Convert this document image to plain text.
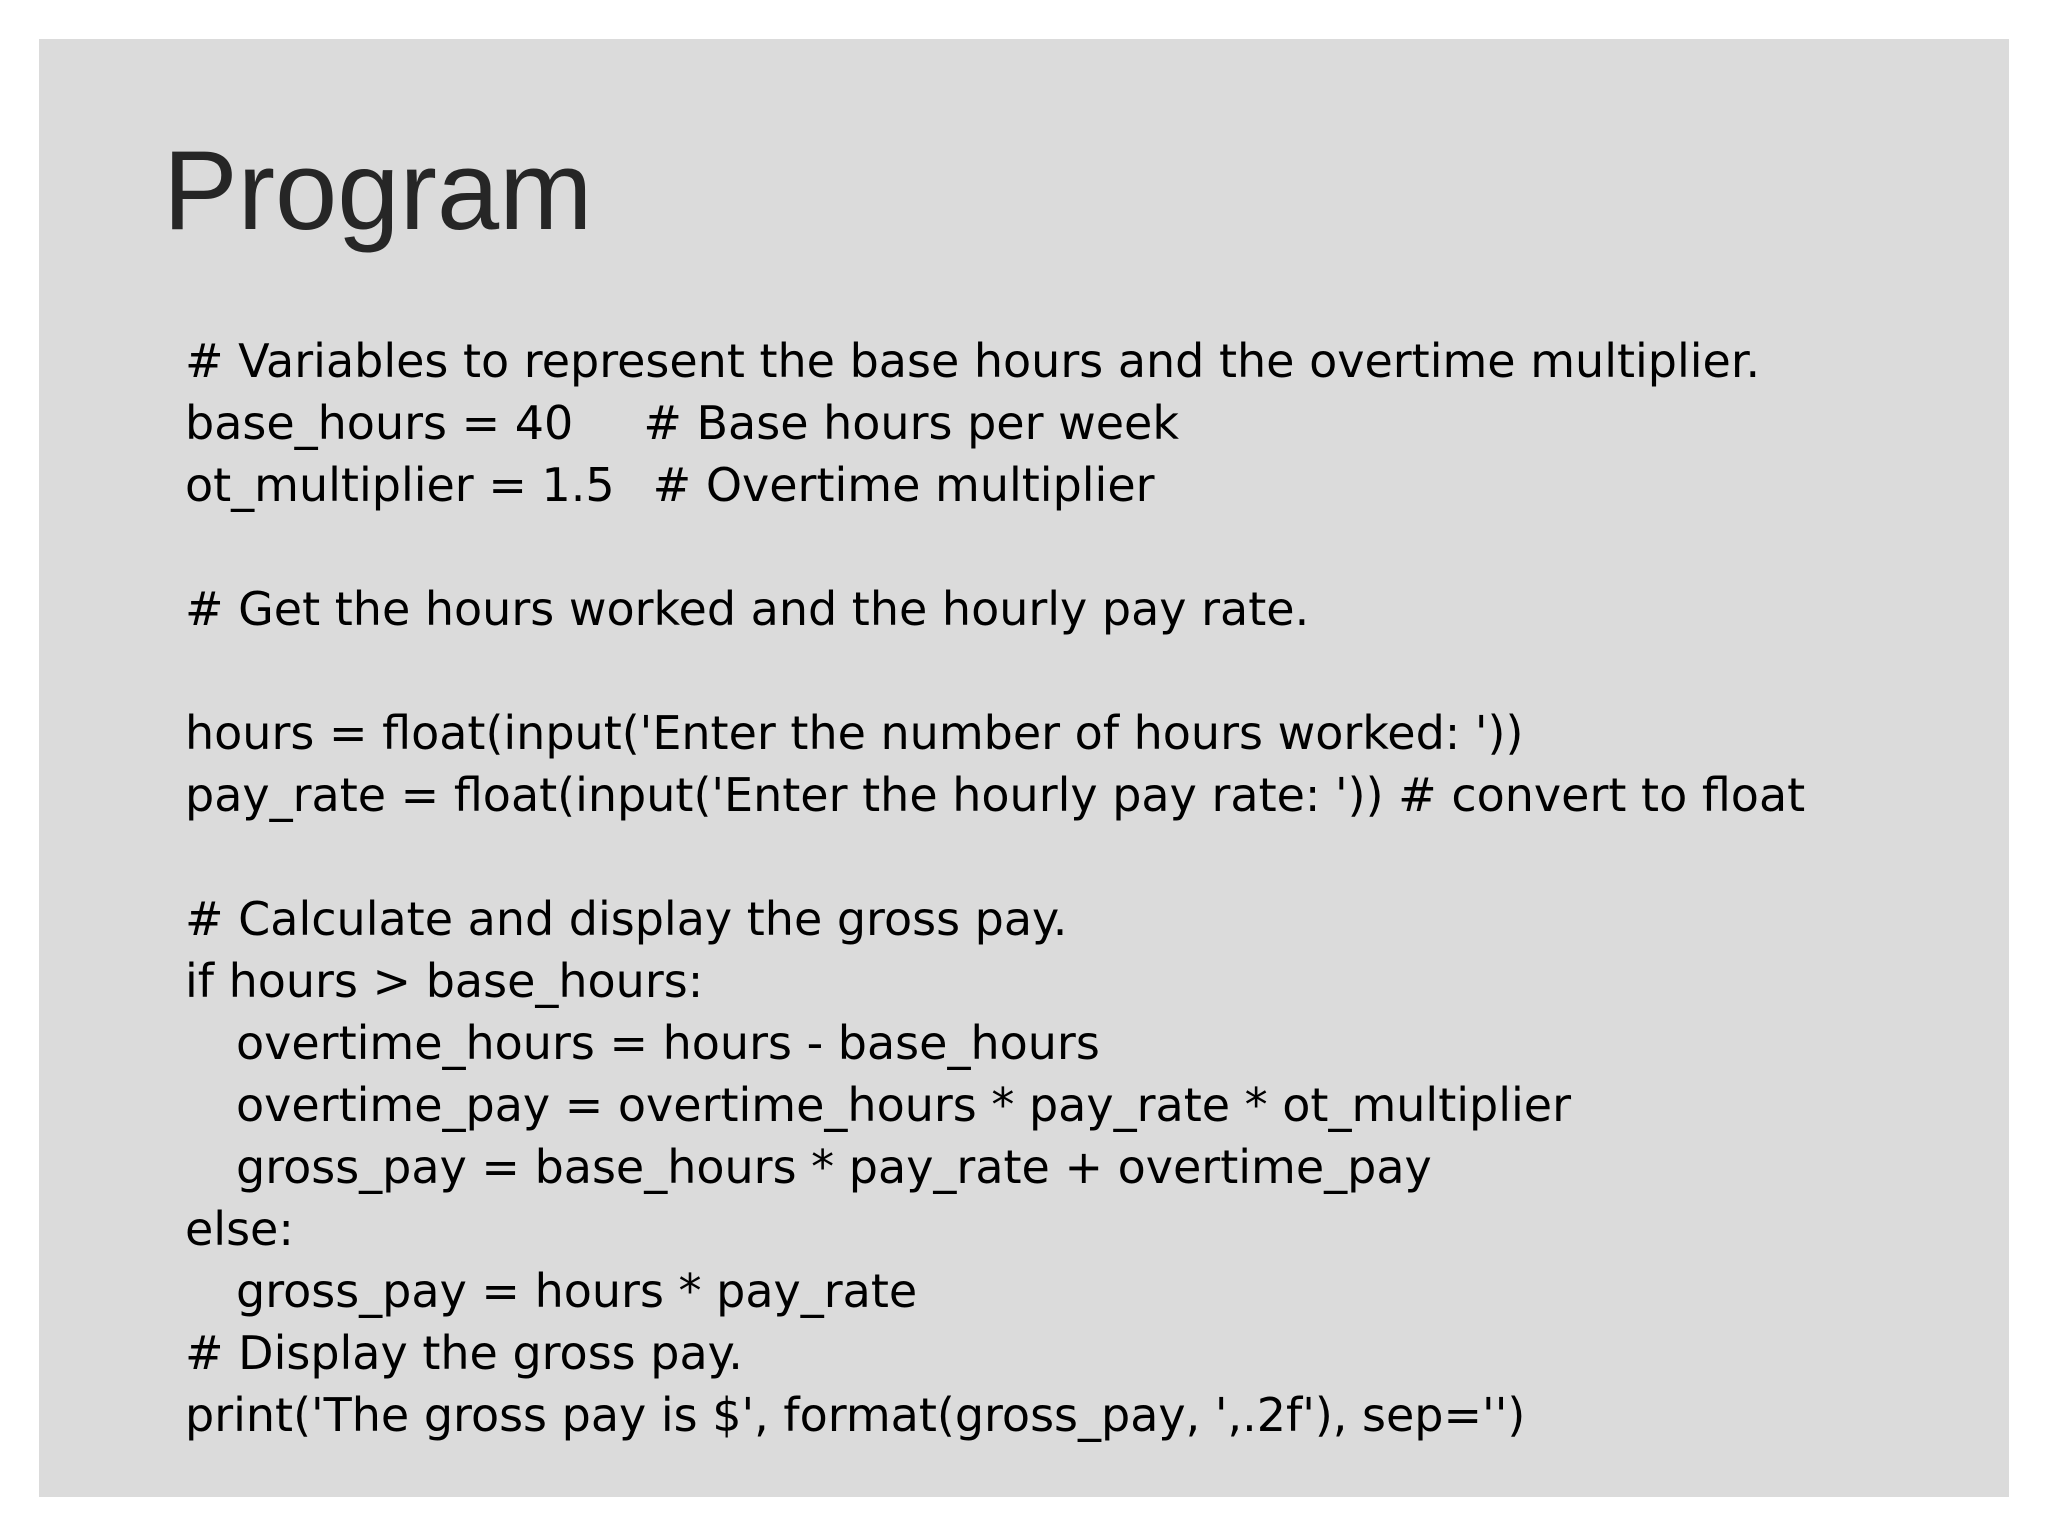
Program
# Variables to represent the base hours and the overtime multiplier.
base_hours = 40 # Base hours per week
ot_multiplier = 1.5 # Overtime multiplier
# Get the hours worked and the hourly pay rate.
hours = float(input('Enter the number of hours worked: '))
pay_rate = float(input('Enter the hourly pay rate: ')) # convert to float
# Calculate and display the gross pay.
if hours > base_hours:
overtime_hours = hours - base_hours
overtime_pay = overtime_hours * pay_rate * ot_multiplier
gross_pay = base_hours * pay_rate + overtime_pay
else:
gross_pay = hours * pay_rate
# Display the gross pay.
print('The gross pay is $', format(gross_pay, ',.2f'), sep='')
